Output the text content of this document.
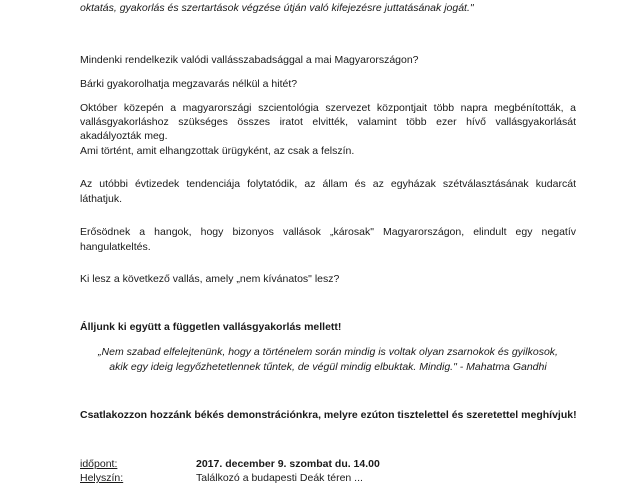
oktatás, gyakorlás és szertartások végzése útján való kifejezésre juttatásának jogát."
Mindenki rendelkezik valódi vallásszabadsággal a mai Magyarországon?
Bárki gyakorolhatja megzavarás nélkül a hitét?
Október közepén a magyarországi szcientológia szervezet központjait több napra megbénították, a
vallásgyakorláshoz szükséges összes iratot elvitték, valamint több ezer hívő vallásgyakorlását
akadályozták meg.
Ami történt, amit elhangzottak ürügyként, az csak a felszín.
Az utóbbi évtizedek tendenciája folytatódik, az állam és az egyházak szétválasztásának kudarcát
láthatjuk.
Erősödnek a hangok, hogy bizonyos vallások „károsak" Magyarországon, elindult egy negatív
hangulatkeltés.
Ki lesz a következő vallás, amely „nem kívánatos" lesz?
Álljunk ki együtt a független vallásgyakorlás mellett!
„Nem szabad elfelejtenünk, hogy a történelem során mindig is voltak olyan zsarnokok és gyilkosok,
akik egy ideig legyőzhetetlennek tűntek, de végül mindig elbuktak. Mindig." - Mahatma Gandhi
Csatlakozzon hozzánk békés demonstrációnkra, melyre ezúton tisztelettel és szeretettel meghívjuk!
időpont:	2017. december 9. szombat du. 14.00
Helyszín:	Találkozó a budapesti Deák téren ...
